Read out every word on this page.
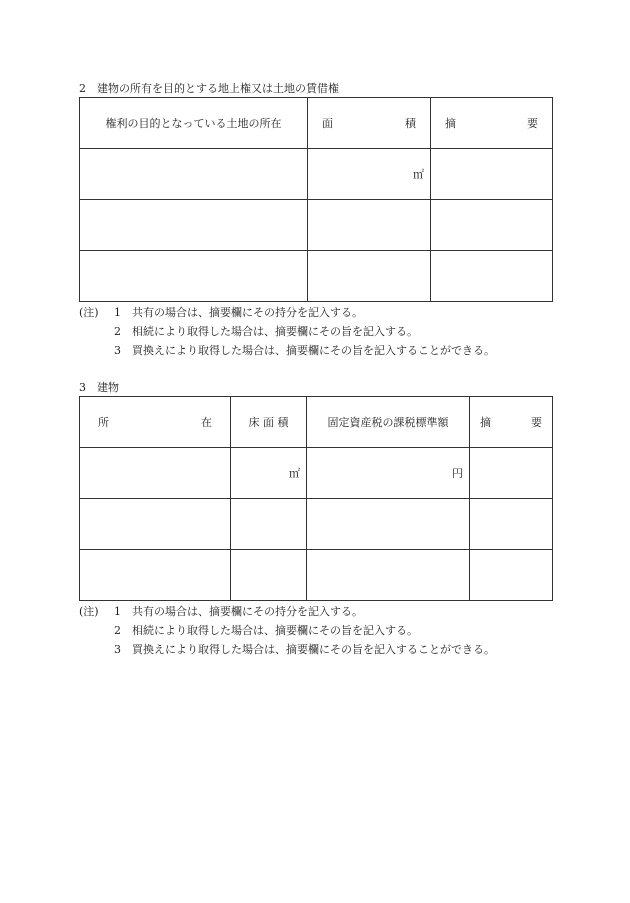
2　建物の所有を目的とする地上権又は土地の賃借権
権利の目的となっている土地の所在	面 積	摘 要

	㎡	

(注) 1 共有の場合は、摘要欄にその持分を記入する。
2 相続により取得した場合は、摘要欄にその旨を記入する。
3 買換えにより取得した場合は、摘要欄にその旨を記入することができる。
3　建物
所 在	床 面 積	固定資産税の課税標準額	摘 要

	㎡	円	

(注) 1 共有の場合は、摘要欄にその持分を記入する。
2 相続により取得した場合は、摘要欄にその旨を記入する。
3 買換えにより取得した場合は、摘要欄にその旨を記入することができる。
